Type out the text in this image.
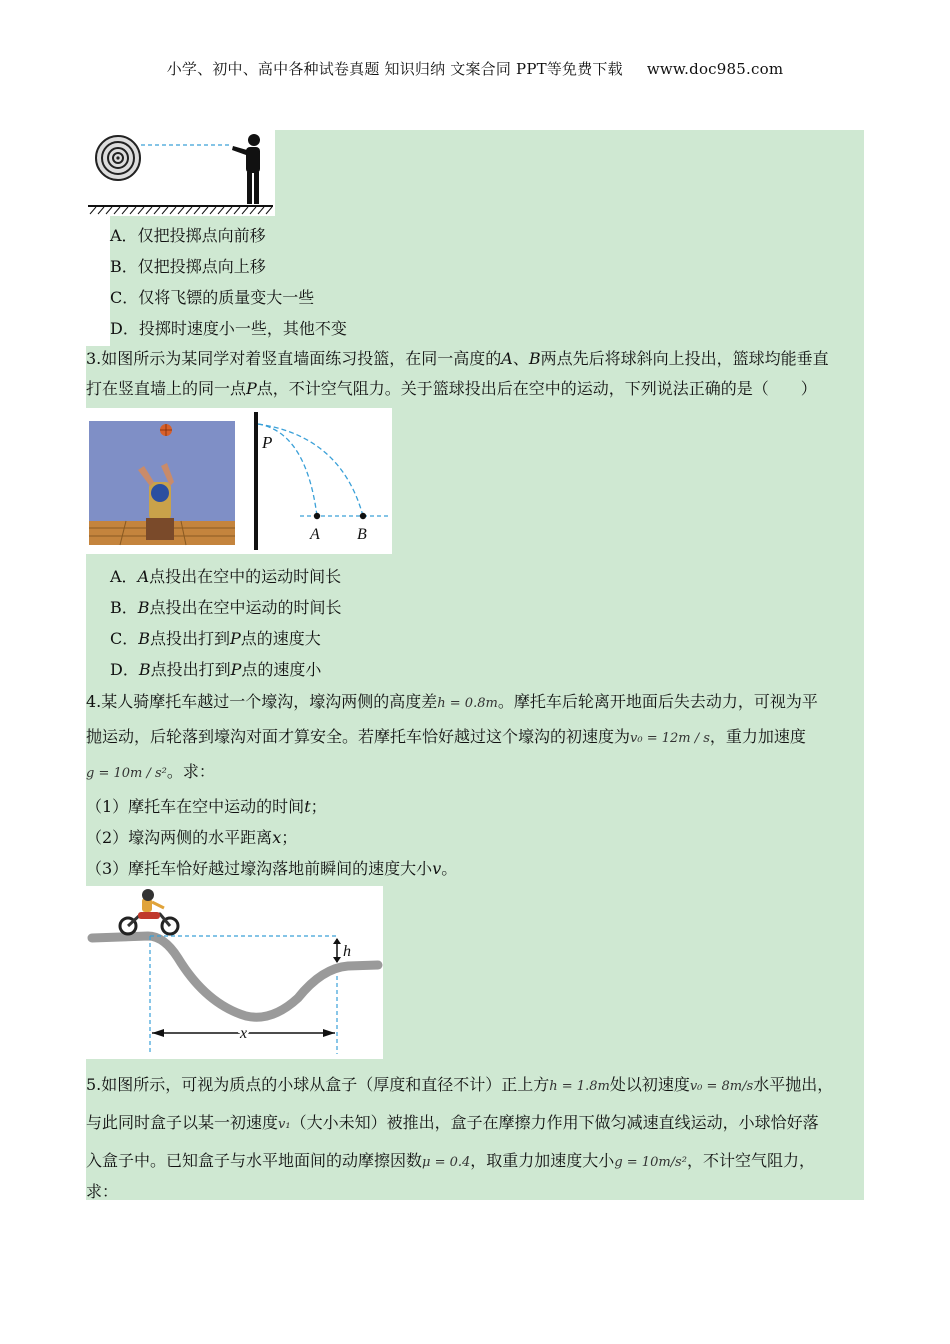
小学、初中、高中各种试卷真题 知识归纳 文案合同 PPT等免费下载 www.doc985.com
A．仅把投掷点向前移
B．仅把投掷点向上移
C．仅将飞镖的质量变大一些
D．投掷时速度小一些，其他不变
3.如图所示为某同学对着竖直墙面练习投篮，在同一高度的A、B两点先后将球斜向上投出，篮球均能垂直
打在竖直墙上的同一点P点，不计空气阻力。关于篮球投出后在空中的运动，下列说法正确的是（　　）
P
A B
A．A点投出在空中的运动时间长
B．B点投出在空中运动的时间长
C．B点投出打到P点的速度大
D．B点投出打到P点的速度小
4.某人骑摩托车越过一个壕沟，壕沟两侧的高度差h = 0.8m。摩托车后轮离开地面后失去动力，可视为平
抛运动，后轮落到壕沟对面才算安全。若摩托车恰好越过这个壕沟的初速度为v₀ = 12m / s，重力加速度
g = 10m / s²。求：
（1）摩托车在空中运动的时间t；
（2）壕沟两侧的水平距离x；
（3）摩托车恰好越过壕沟落地前瞬间的速度大小v。
h
x
5.如图所示，可视为质点的小球从盒子（厚度和直径不计）正上方h = 1.8m处以初速度v₀ = 8m/s水平抛出，
与此同时盒子以某一初速度v₁（大小未知）被推出，盒子在摩擦力作用下做匀减速直线运动，小球恰好落
入盒子中。已知盒子与水平地面间的动摩擦因数μ = 0.4，取重力加速度大小g = 10m/s²，不计空气阻力，
求：
